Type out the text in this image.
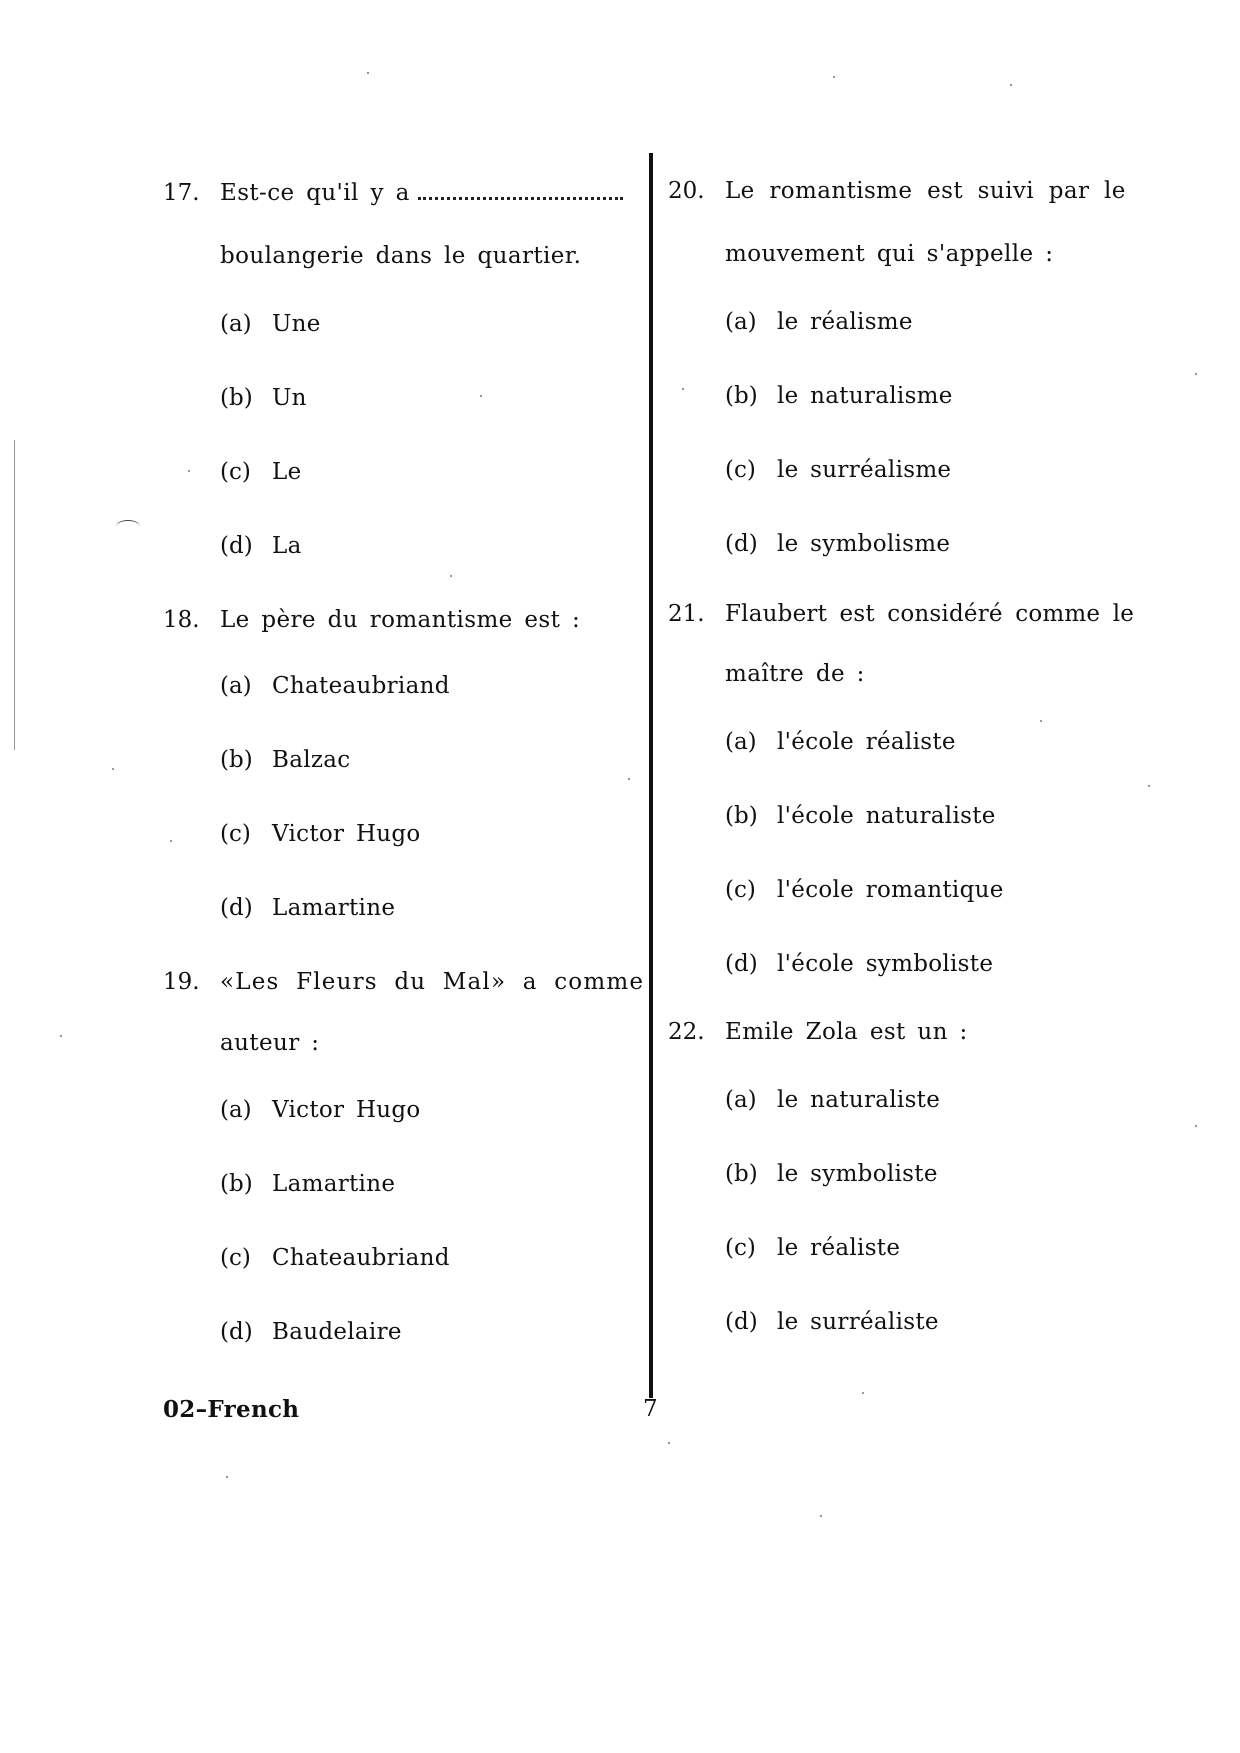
17. Est-ce qu'il y a
boulangerie dans le quartier.
(a) Une
(b) Un
(c) Le
(d) La
18. Le père du romantisme est :
(a) Chateaubriand
(b) Balzac
(c) Victor Hugo
(d) Lamartine
19. «Les Fleurs du Mal» a comme
auteur :
(a) Victor Hugo
(b) Lamartine
(c) Chateaubriand
(d) Baudelaire
20. Le romantisme est suivi par le
mouvement qui s'appelle :
(a) le réalisme
(b) le naturalisme
(c) le surréalisme
(d) le symbolisme
21. Flaubert est considéré comme le
maître de :
(a) l'école réaliste
(b) l'école naturaliste
(c) l'école romantique
(d) l'école symboliste
22. Emile Zola est un :
(a) le naturaliste
(b) le symboliste
(c) le réaliste
(d) le surréaliste
02–French	7
